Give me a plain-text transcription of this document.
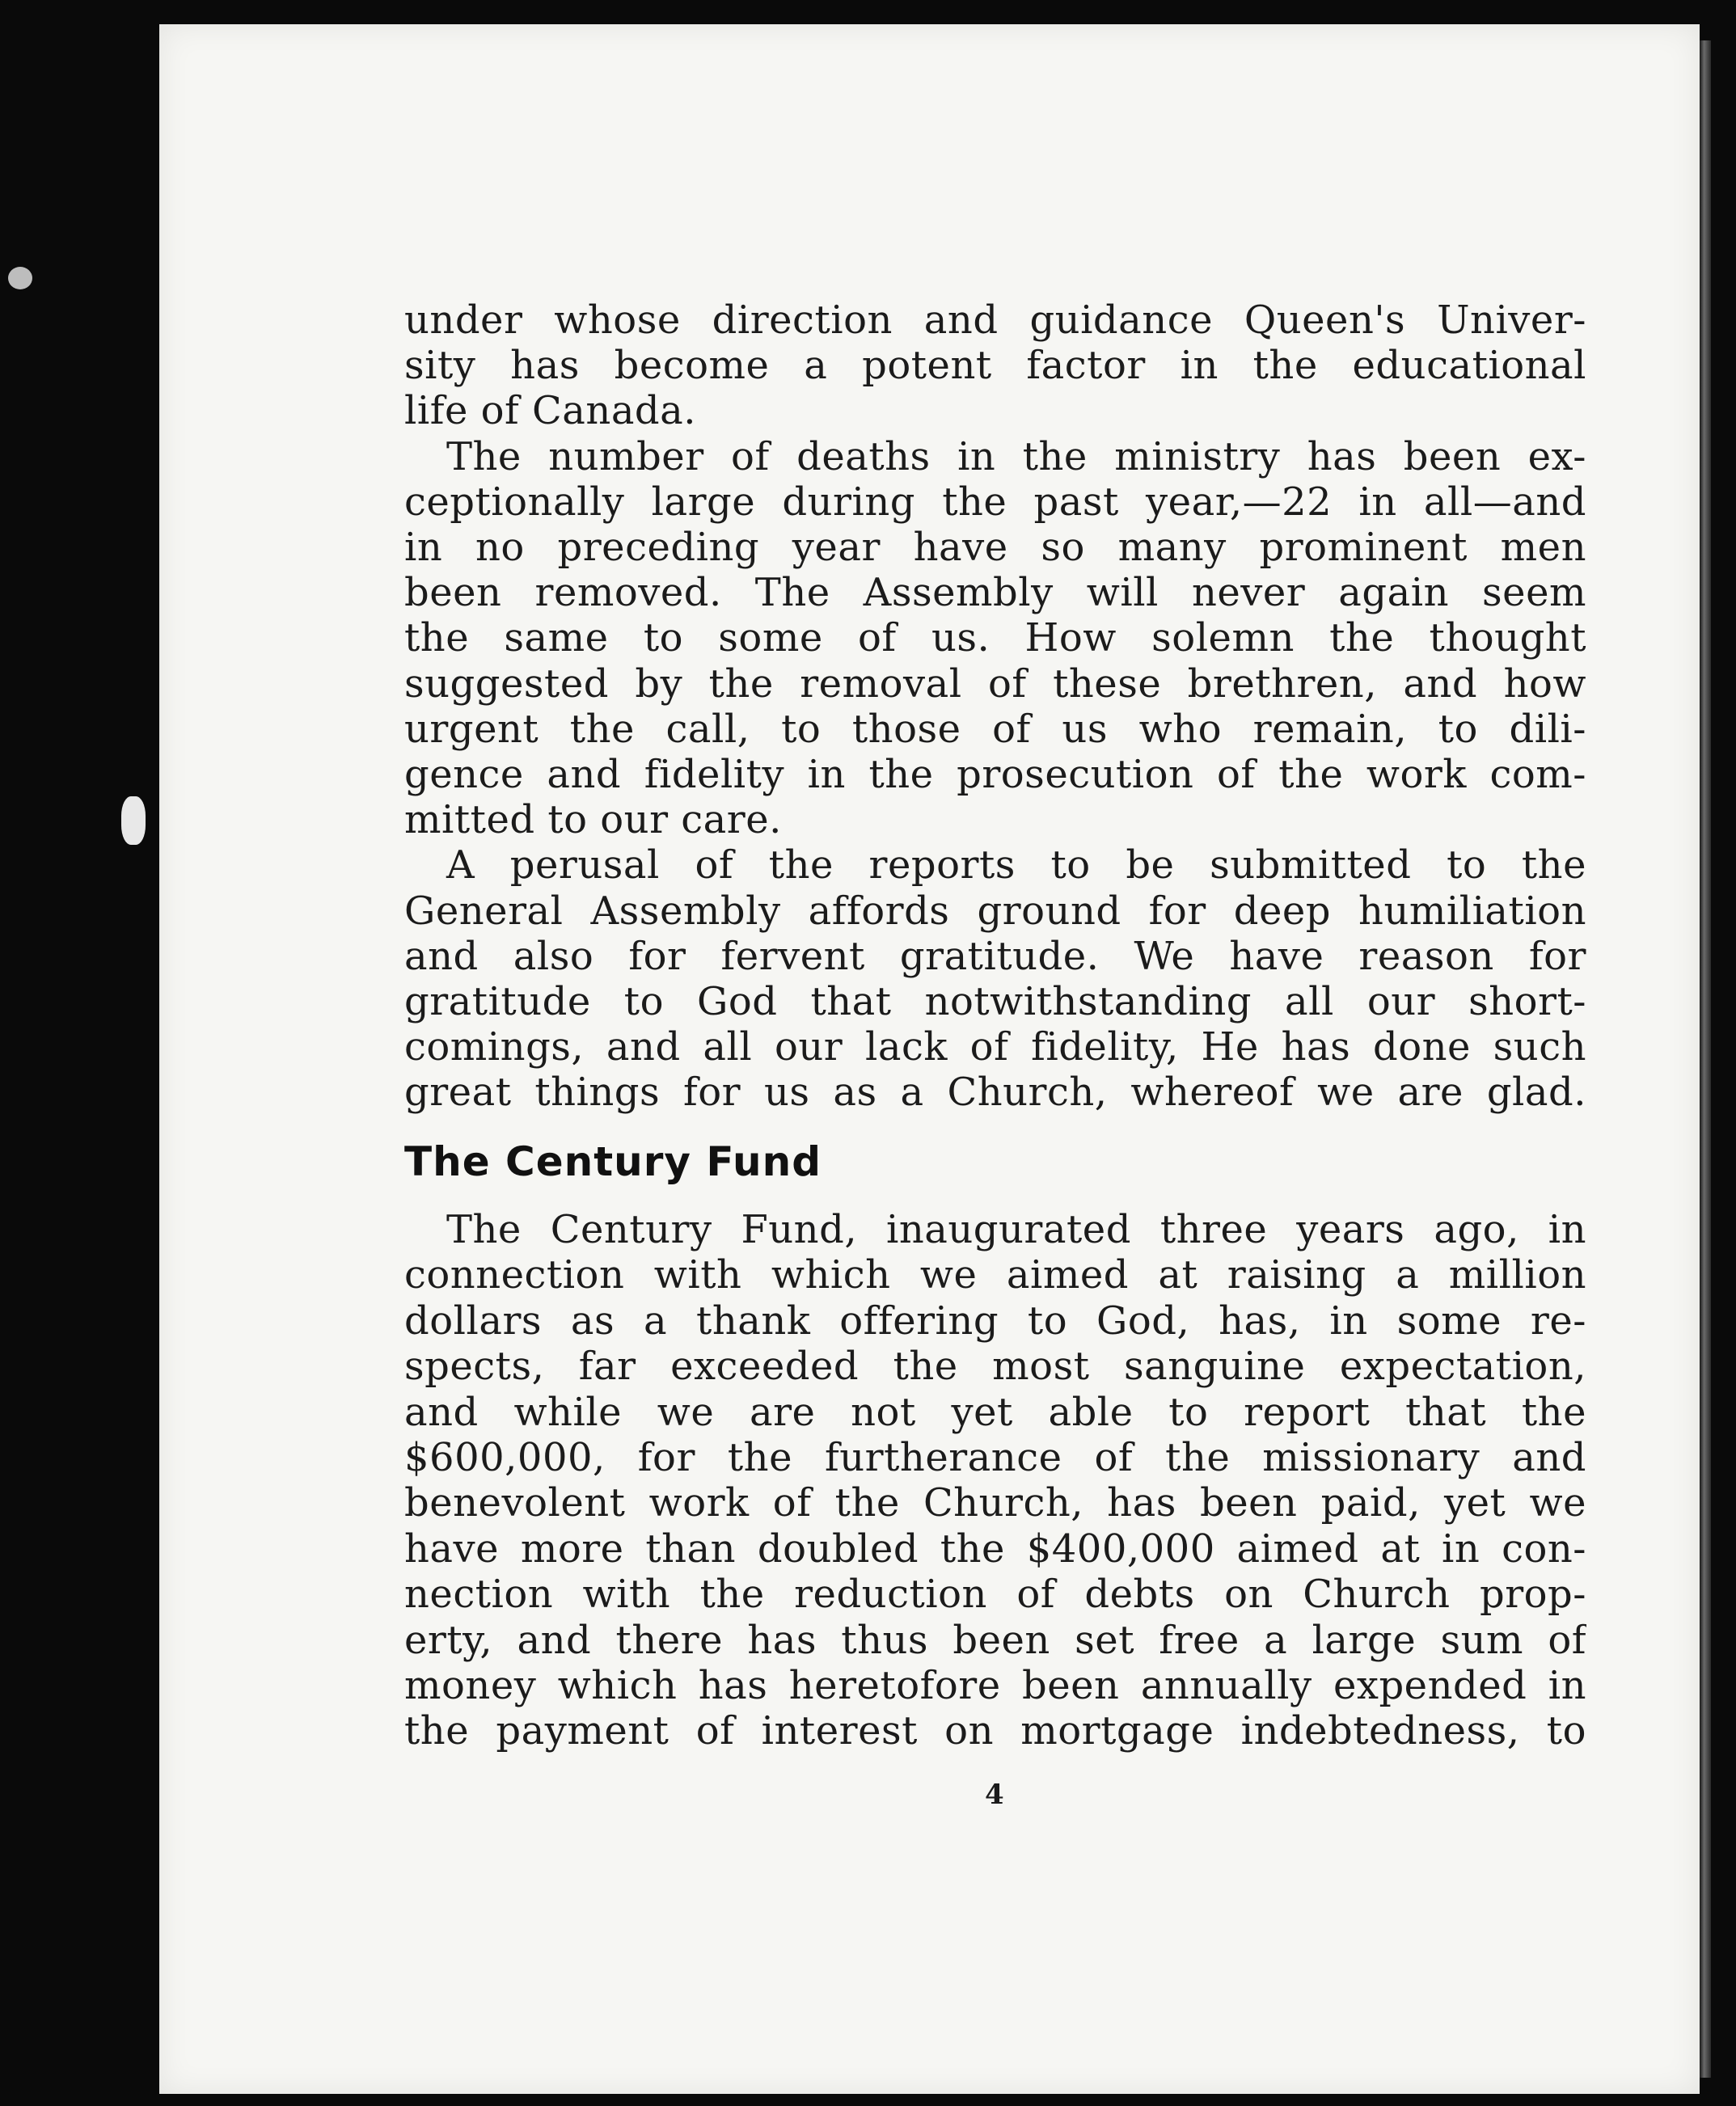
under whose direction and guidance Queen's Univer-
sity has become a potent factor in the educational
life of Canada.
The number of deaths in the ministry has been ex-
ceptionally large during the past year,—22 in all—and
in no preceding year have so many prominent men
been removed. The Assembly will never again seem
the same to some of us. How solemn the thought
suggested by the removal of these brethren, and how
urgent the call, to those of us who remain, to dili-
gence and fidelity in the prosecution of the work com-
mitted to our care.
A perusal of the reports to be submitted to the
General Assembly affords ground for deep humiliation
and also for fervent gratitude. We have reason for
gratitude to God that notwithstanding all our short-
comings, and all our lack of fidelity, He has done such
great things for us as a Church, whereof we are glad.
The Century Fund
The Century Fund, inaugurated three years ago, in
connection with which we aimed at raising a million
dollars as a thank offering to God, has, in some re-
spects, far exceeded the most sanguine expectation,
and while we are not yet able to report that the
$600,000, for the furtherance of the missionary and
benevolent work of the Church, has been paid, yet we
have more than doubled the $400,000 aimed at in con-
nection with the reduction of debts on Church prop-
erty, and there has thus been set free a large sum of
money which has heretofore been annually expended in
the payment of interest on mortgage indebtedness, to
4
